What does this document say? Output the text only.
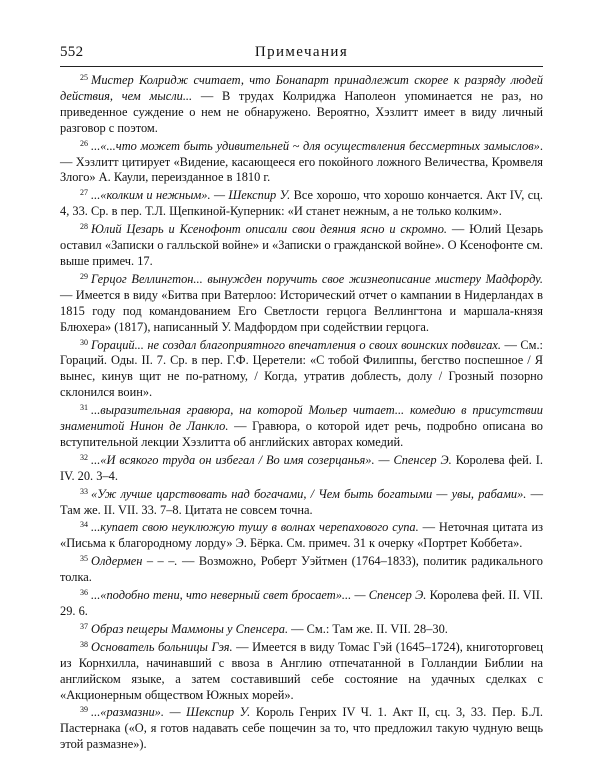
Примечания
552

$^{25}$ Мистер Колридж считает, что Бонапарт принадлежит скорее к разряду людей действия, чем мысли... — В трудах Колриджа Наполеон упоминается не раз, но приведенное суждение о нем не обнаружено. Вероятно, Хэзлитт имеет в виду личный разговор с поэтом.

$^{26}$ ...«...что может быть удивительней ~ для осуществления бессмертных замыслов». — Хэзлитт цитирует «Видение, касающееся его покойного ложного Величества, Кромвеля Злого» А. Каули, переизданное в 1810 г.

$^{27}$ ...«колким и нежным». — Шекспир У. Все хорошо, что хорошо кончается. Акт IV, сц. 4, 33. Ср. в пер. Т.Л. Щепкиной-Куперник: «И станет нежным, а не только колким».

$^{28}$ Юлий Цезарь и Ксенофонт описали свои деяния ясно и скромно. — Юлий Цезарь оставил «Записки о галльской войне» и «Записки о гражданской войне». О Ксенофонте см. выше примеч. 17.

$^{29}$ Герцог Веллингтон... вынужден поручить свое жизнеописание мистеру Мадфорду. — Имеется в виду «Битва при Ватерлоо: Исторический отчет о кампании в Нидерландах в 1815 году под командованием Его Светлости герцога Веллингтона и маршала-князя Блюхера» (1817), написанный У. Мадфордом при содействии герцога.

$^{30}$ Гораций... не создал благоприятного впечатления о своих воинских подвигах. — См.: Гораций. Оды. II. 7. Ср. в пер. Г.Ф. Церетели: «С тобой Филиппы, бегство поспешное / Я вынес, кинув щит не по-ратному, / Когда, утратив доблесть, долу / Грозный позорно склонился воин».

$^{31}$ ...выразительная гравюра, на которой Мольер читает... комедию в присутствии знаменитой Нинон де Ланкло. — Гравюра, о которой идет речь, подробно описана во вступительной лекции Хэзлитта об английских авторах комедий.

$^{32}$ ...«И всякого труда он избегал / Во имя созерцанья». — Спенсер Э. Королева фей. I. IV. 20. 3–4.

$^{33}$ «Уж лучше царствовать над богачами, / Чем быть богатыми — увы, рабами». — Там же. II. VII. 33. 7–8. Цитата не совсем точна.

$^{34}$ ...купает свою неуклюжую тушу в волнах черепахового супа. — Неточная цитата из «Письма к благородному лорду» Э. Бёрка. См. примеч. 31 к очерку «Портрет Коббета».

$^{35}$ Олдермен – – –. — Возможно, Роберт Уэйтмен (1764–1833), политик радикального толка.

$^{36}$ ...«подобно тени, что неверный свет бросает»... — Спенсер Э. Королева фей. II. VII. 29. 6.

$^{37}$ Образ пещеры Маммоны у Спенсера. — См.: Там же. II. VII. 28–30.

$^{38}$ Основатель больницы Гэя. — Имеется в виду Томас Гэй (1645–1724), книготорговец из Корнхилла, начинавший с ввоза в Англию отпечатанной в Голландии Библии на английском языке, а затем составивший себе состояние на удачных сделках с «Акционерным обществом Южных морей».

$^{39}$ ...«размазни». — Шекспир У. Король Генрих IV Ч. 1. Акт II, сц. 3, 33. Пер. Б.Л. Пастернака («О, я готов надавать себе пощечин за то, что предложил такую чудную вещь этой размазне»).
